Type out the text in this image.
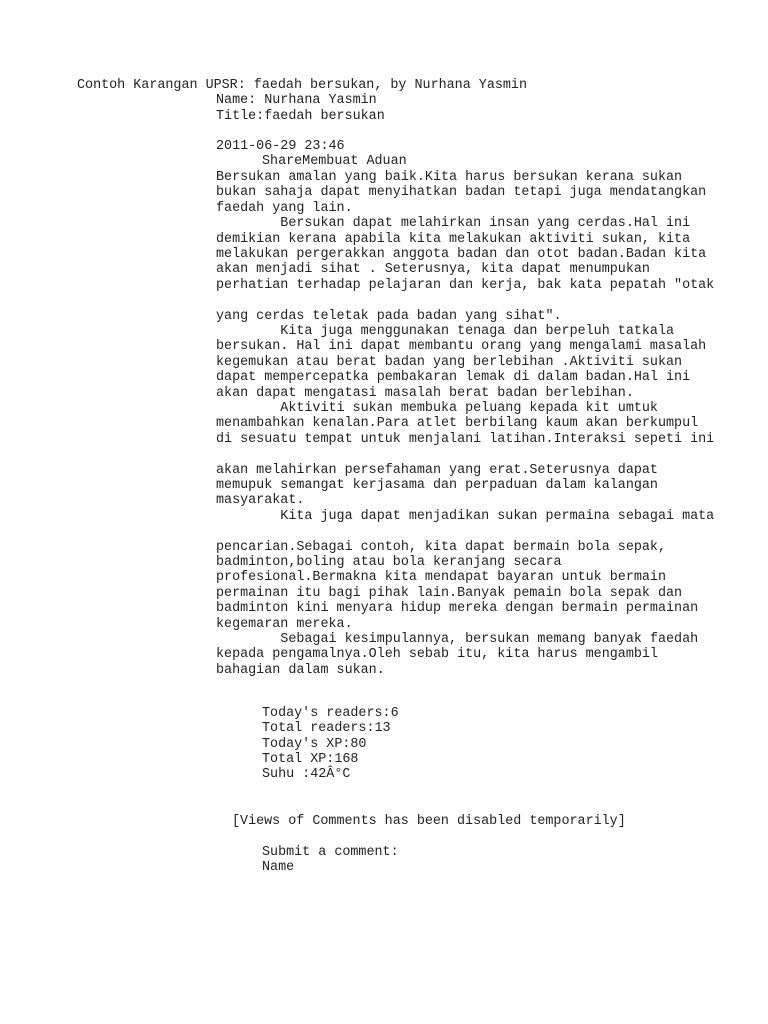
Contoh Karangan UPSR: faedah bersukan, by Nurhana Yasmin
Name: Nurhana Yasmin
Title:faedah bersukan
2011-06-29 23:46
ShareMembuat Aduan
Bersukan amalan yang baik.Kita harus bersukan kerana sukan
bukan sahaja dapat menyihatkan badan tetapi juga mendatangkan
faedah yang lain.
Bersukan dapat melahirkan insan yang cerdas.Hal ini
demikian kerana apabila kita melakukan aktiviti sukan, kita
melakukan pergerakkan anggota badan dan otot badan.Badan kita
akan menjadi sihat . Seterusnya, kita dapat menumpukan
perhatian terhadap pelajaran dan kerja, bak kata pepatah "otak
yang cerdas teletak pada badan yang sihat".
Kita juga menggunakan tenaga dan berpeluh tatkala
bersukan. Hal ini dapat membantu orang yang mengalami masalah
kegemukan atau berat badan yang berlebihan .Aktiviti sukan
dapat mempercepatka pembakaran lemak di dalam badan.Hal ini
akan dapat mengatasi masalah berat badan berlebihan.
Aktiviti sukan membuka peluang kepada kit umtuk
menambahkan kenalan.Para atlet berbilang kaum akan berkumpul
di sesuatu tempat untuk menjalani latihan.Interaksi sepeti ini
akan melahirkan persefahaman yang erat.Seterusnya dapat
memupuk semangat kerjasama dan perpaduan dalam kalangan
masyarakat.
Kita juga dapat menjadikan sukan permaina sebagai mata
pencarian.Sebagai contoh, kita dapat bermain bola sepak,
badminton,boling atau bola keranjang secara
profesional.Bermakna kita mendapat bayaran untuk bermain
permainan itu bagi pihak lain.Banyak pemain bola sepak dan
badminton kini menyara hidup mereka dengan bermain permainan
kegemaran mereka.
Sebagai kesimpulannya, bersukan memang banyak faedah
kepada pengamalnya.Oleh sebab itu, kita harus mengambil
bahagian dalam sukan.
Today's readers:6
Total readers:13
Today's XP:80
Total XP:168
Suhu :42Â°C
[Views of Comments has been disabled temporarily]
Submit a comment:
Name
